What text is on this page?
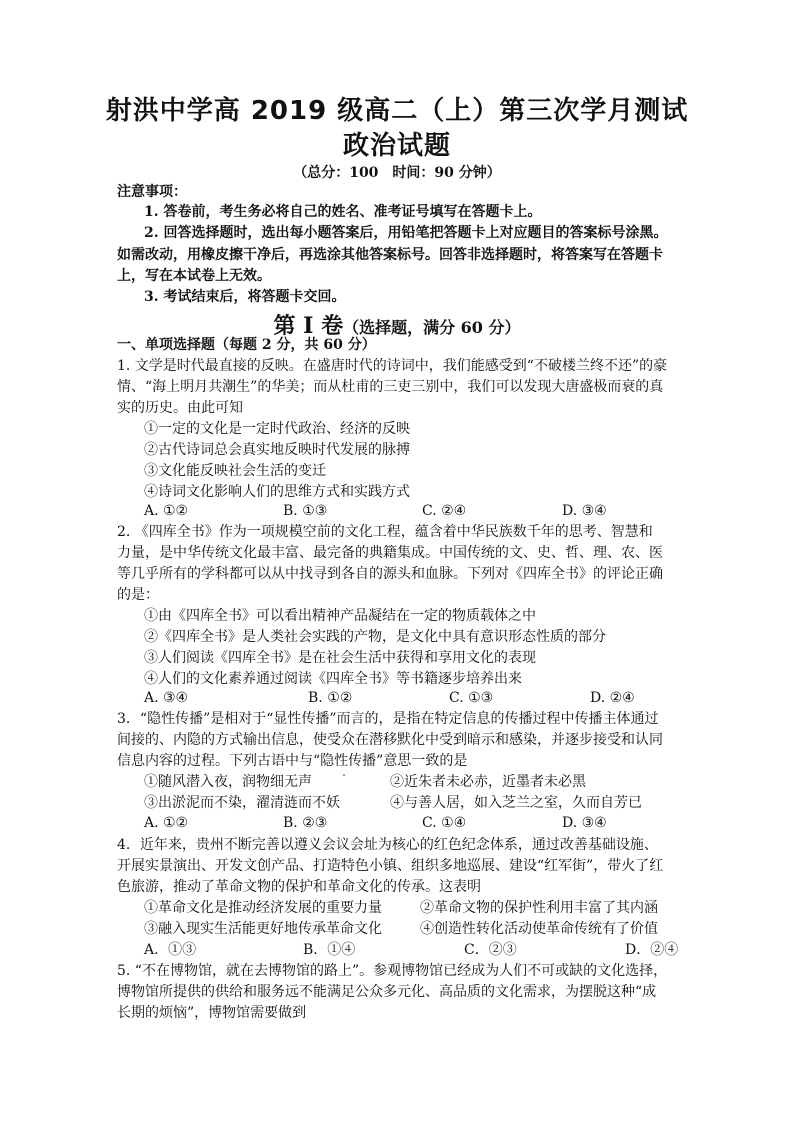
射洪中学高 2019 级高二（上）第三次学月测试
政治试题
（总分：100　时间：90 分钟）
注意事项：
1. 答卷前，考生务必将自己的姓名、准考证号填写在答题卡上。
2. 回答选择题时，选出每小题答案后，用铅笔把答题卡上对应题目的答案标号涂黑。
如需改动，用橡皮擦干净后，再选涂其他答案标号。回答非选择题时，将答案写在答题卡
上，写在本试卷上无效。
3. 考试结束后，将答题卡交回。
第 I 卷（选择题，满分 60 分）
一、单项选择题（每题 2 分，共 60 分）
1. 文学是时代最直接的反映。在盛唐时代的诗词中，我们能感受到“不破楼兰终不还”的豪
情、“海上明月共潮生”的华美；而从杜甫的三吏三别中，我们可以发现大唐盛极而衰的真
实的历史。由此可知
①一定的文化是一定时代政治、经济的反映
②古代诗词总会真实地反映时代发展的脉搏
③文化能反映社会生活的变迁
④诗词文化影响人们的思维方式和实践方式
A. ①②	B. ①③	C. ②④	D. ③④
2. 《四库全书》作为一项规模空前的文化工程，蕴含着中华民族数千年的思考、智慧和
力量，是中华传统文化最丰富、最完备的典籍集成。中国传统的文、史、哲、理、农、医
等几乎所有的学科都可以从中找寻到各自的源头和血脉。下列对《四库全书》的评论正确
的是：
①由《四库全书》可以看出精神产品凝结在一定的物质载体之中
②《四库全书》是人类社会实践的产物，是文化中具有意识形态性质的部分
③人们阅读《四库全书》是在社会生活中获得和享用文化的表现
④人们的文化素养通过阅读《四库全书》等书籍逐步培养出来
A. ③④	B. ①②	C. ①③	D. ②④
3．“隐性传播”是相对于“显性传播”而言的，是指在特定信息的传播过程中传播主体通过
间接的、内隐的方式输出信息，使受众在潜移默化中受到暗示和感染，并逐步接受和认同
信息内容的过程。下列古语中与“隐性传播”意思一致的是
①随风潜入夜，润物细无声	②近朱者未必赤，近墨者未必黑
③出淤泥而不染，濯清涟而不妖	④与善人居，如入芝兰之室，久而自芳已
A. ①②	B. ②③	C. ①④	D. ③④
4．近年来，贵州不断完善以遵义会议会址为核心的红色纪念体系，通过改善基础设施、
开展实景演出、开发文创产品、打造特色小镇、组织多地巡展、建设“红军街”，带火了红
色旅游，推动了革命文物的保护和革命文化的传承。这表明
①革命文化是推动经济发展的重要力量	②革命文物的保护性利用丰富了其内涵
③融入现实生活能更好地传承革命文化	④创造性转化活动使革命传统有了价值
A．①③	B．①④	C．②③	D．②④
5. “不在博物馆，就在去博物馆的路上”。参观博物馆已经成为人们不可或缺的文化选择，
博物馆所提供的供给和服务远不能满足公众多元化、高品质的文化需求，为摆脱这种“成
长期的烦恼”，博物馆需要做到
